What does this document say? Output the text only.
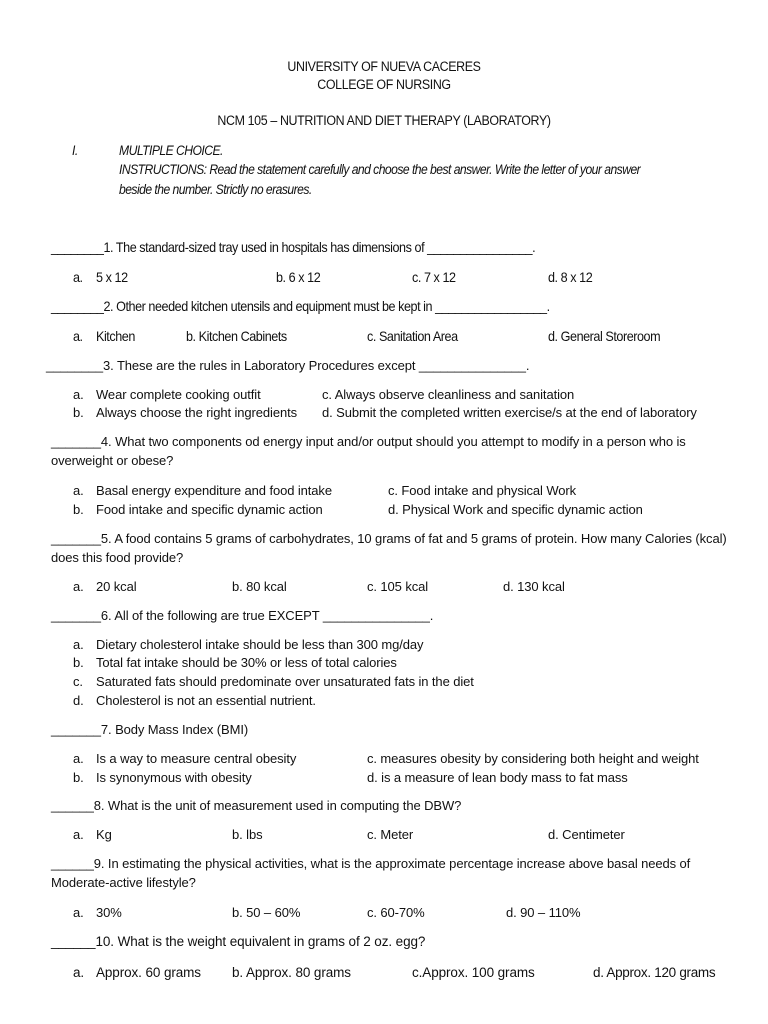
UNIVERSITY OF NUEVA CACERES
COLLEGE OF NURSING
NCM 105 – NUTRITION AND DIET THERAPY (LABORATORY)
I.	MULTIPLE CHOICE.
INSTRUCTIONS: Read the statement carefully and choose the best answer. Write the letter of your answer
beside the number. Strictly no erasures.
________1. The standard-sized tray used in hospitals has dimensions of ________________.
a. 5 x 12	b. 6 x 12	c. 7 x 12	d. 8 x 12
________2. Other needed kitchen utensils and equipment must be kept in _________________.
a. Kitchen	b. Kitchen Cabinets	c. Sanitation Area	d. General Storeroom
________3. These are the rules in Laboratory Procedures except _______________.
a. Wear complete cooking outfit	c. Always observe cleanliness and sanitation
b. Always choose the right ingredients d. Submit the completed written exercise/s at the end of laboratory
_______4. What two components od energy input and/or output should you attempt to modify in a person who is
overweight or obese?
a. Basal energy expenditure and food intake	c. Food intake and physical Work
b. Food intake and specific dynamic action	d. Physical Work and specific dynamic action
_______5. A food contains 5 grams of carbohydrates, 10 grams of fat and 5 grams of protein. How many Calories (kcal)
does this food provide?
a. 20 kcal	b. 80 kcal	c. 105 kcal	d. 130 kcal
_______6. All of the following are true EXCEPT _______________.
a. Dietary cholesterol intake should be less than 300 mg/day
b. Total fat intake should be 30% or less of total calories
c. Saturated fats should predominate over unsaturated fats in the diet
d. Cholesterol is not an essential nutrient.
_______7. Body Mass Index (BMI)
a. Is a way to measure central obesity	c. measures obesity by considering both height and weight
b. Is synonymous with obesity	d. is a measure of lean body mass to fat mass
______8. What is the unit of measurement used in computing the DBW?
a. Kg	b. lbs	c. Meter	d. Centimeter
______9. In estimating the physical activities, what is the approximate percentage increase above basal needs of
Moderate-active lifestyle?
a. 30%	b. 50 – 60%	c. 60-70%	d. 90 – 110%
______10. What is the weight equivalent in grams of 2 oz. egg?
a. Approx. 60 grams b. Approx. 80 grams	c.Approx. 100 grams	d. Approx. 120 grams
